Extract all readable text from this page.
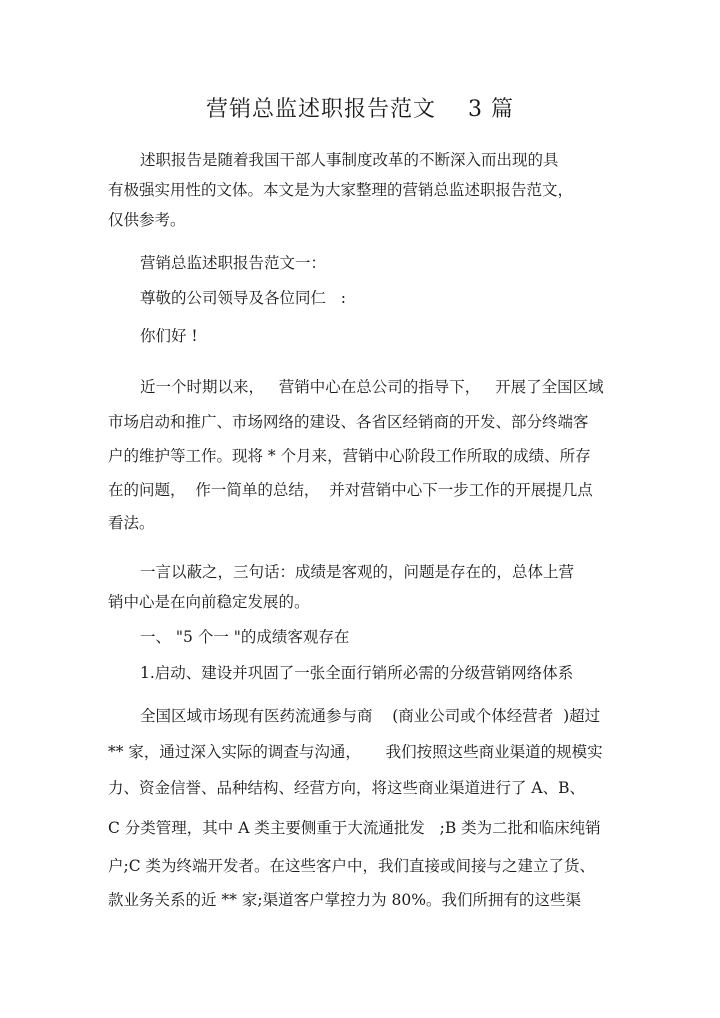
营销总监述职报告范文    3 篇
述职报告是随着我国干部人事制度改革的不断深入而出现的具
有极强实用性的文体。本文是为大家整理的营销总监述职报告范文，
仅供参考。
营销总监述职报告范文一：
尊敬的公司领导及各位同仁   :
你们好 !
近一个时期以来，   营销中心在总公司的指导下，   开展了全国区域
市场启动和推广、市场网络的建设、各省区经销商的开发、部分终端客
户的维护等工作。现将 * 个月来，营销中心阶段工作所取的成绩、所存
在的问题，  作一简单的总结，  并对营销中心下一步工作的开展提几点
看法。
一言以蔽之，三句话：成绩是客观的，问题是存在的，总体上营
销中心是在向前稳定发展的。
一、 "5 个一 "的成绩客观存在
1.启动、建设并巩固了一张全面行销所必需的分级营销网络体系
全国区域市场现有医药流通参与商    (商业公司或个体经营者  )超过
** 家，通过深入实际的调查与沟通，     我们按照这些商业渠道的规模实
力、资金信誉、品种结构、经营方向，将这些商业渠道进行了 A、B、
C 分类管理，其中 A 类主要侧重于大流通批发   ;B 类为二批和临床纯销
户;C 类为终端开发者。在这些客户中，我们直接或间接与之建立了货、
款业务关系的近 ** 家;渠道客户掌控力为 80%。我们所拥有的这些渠
